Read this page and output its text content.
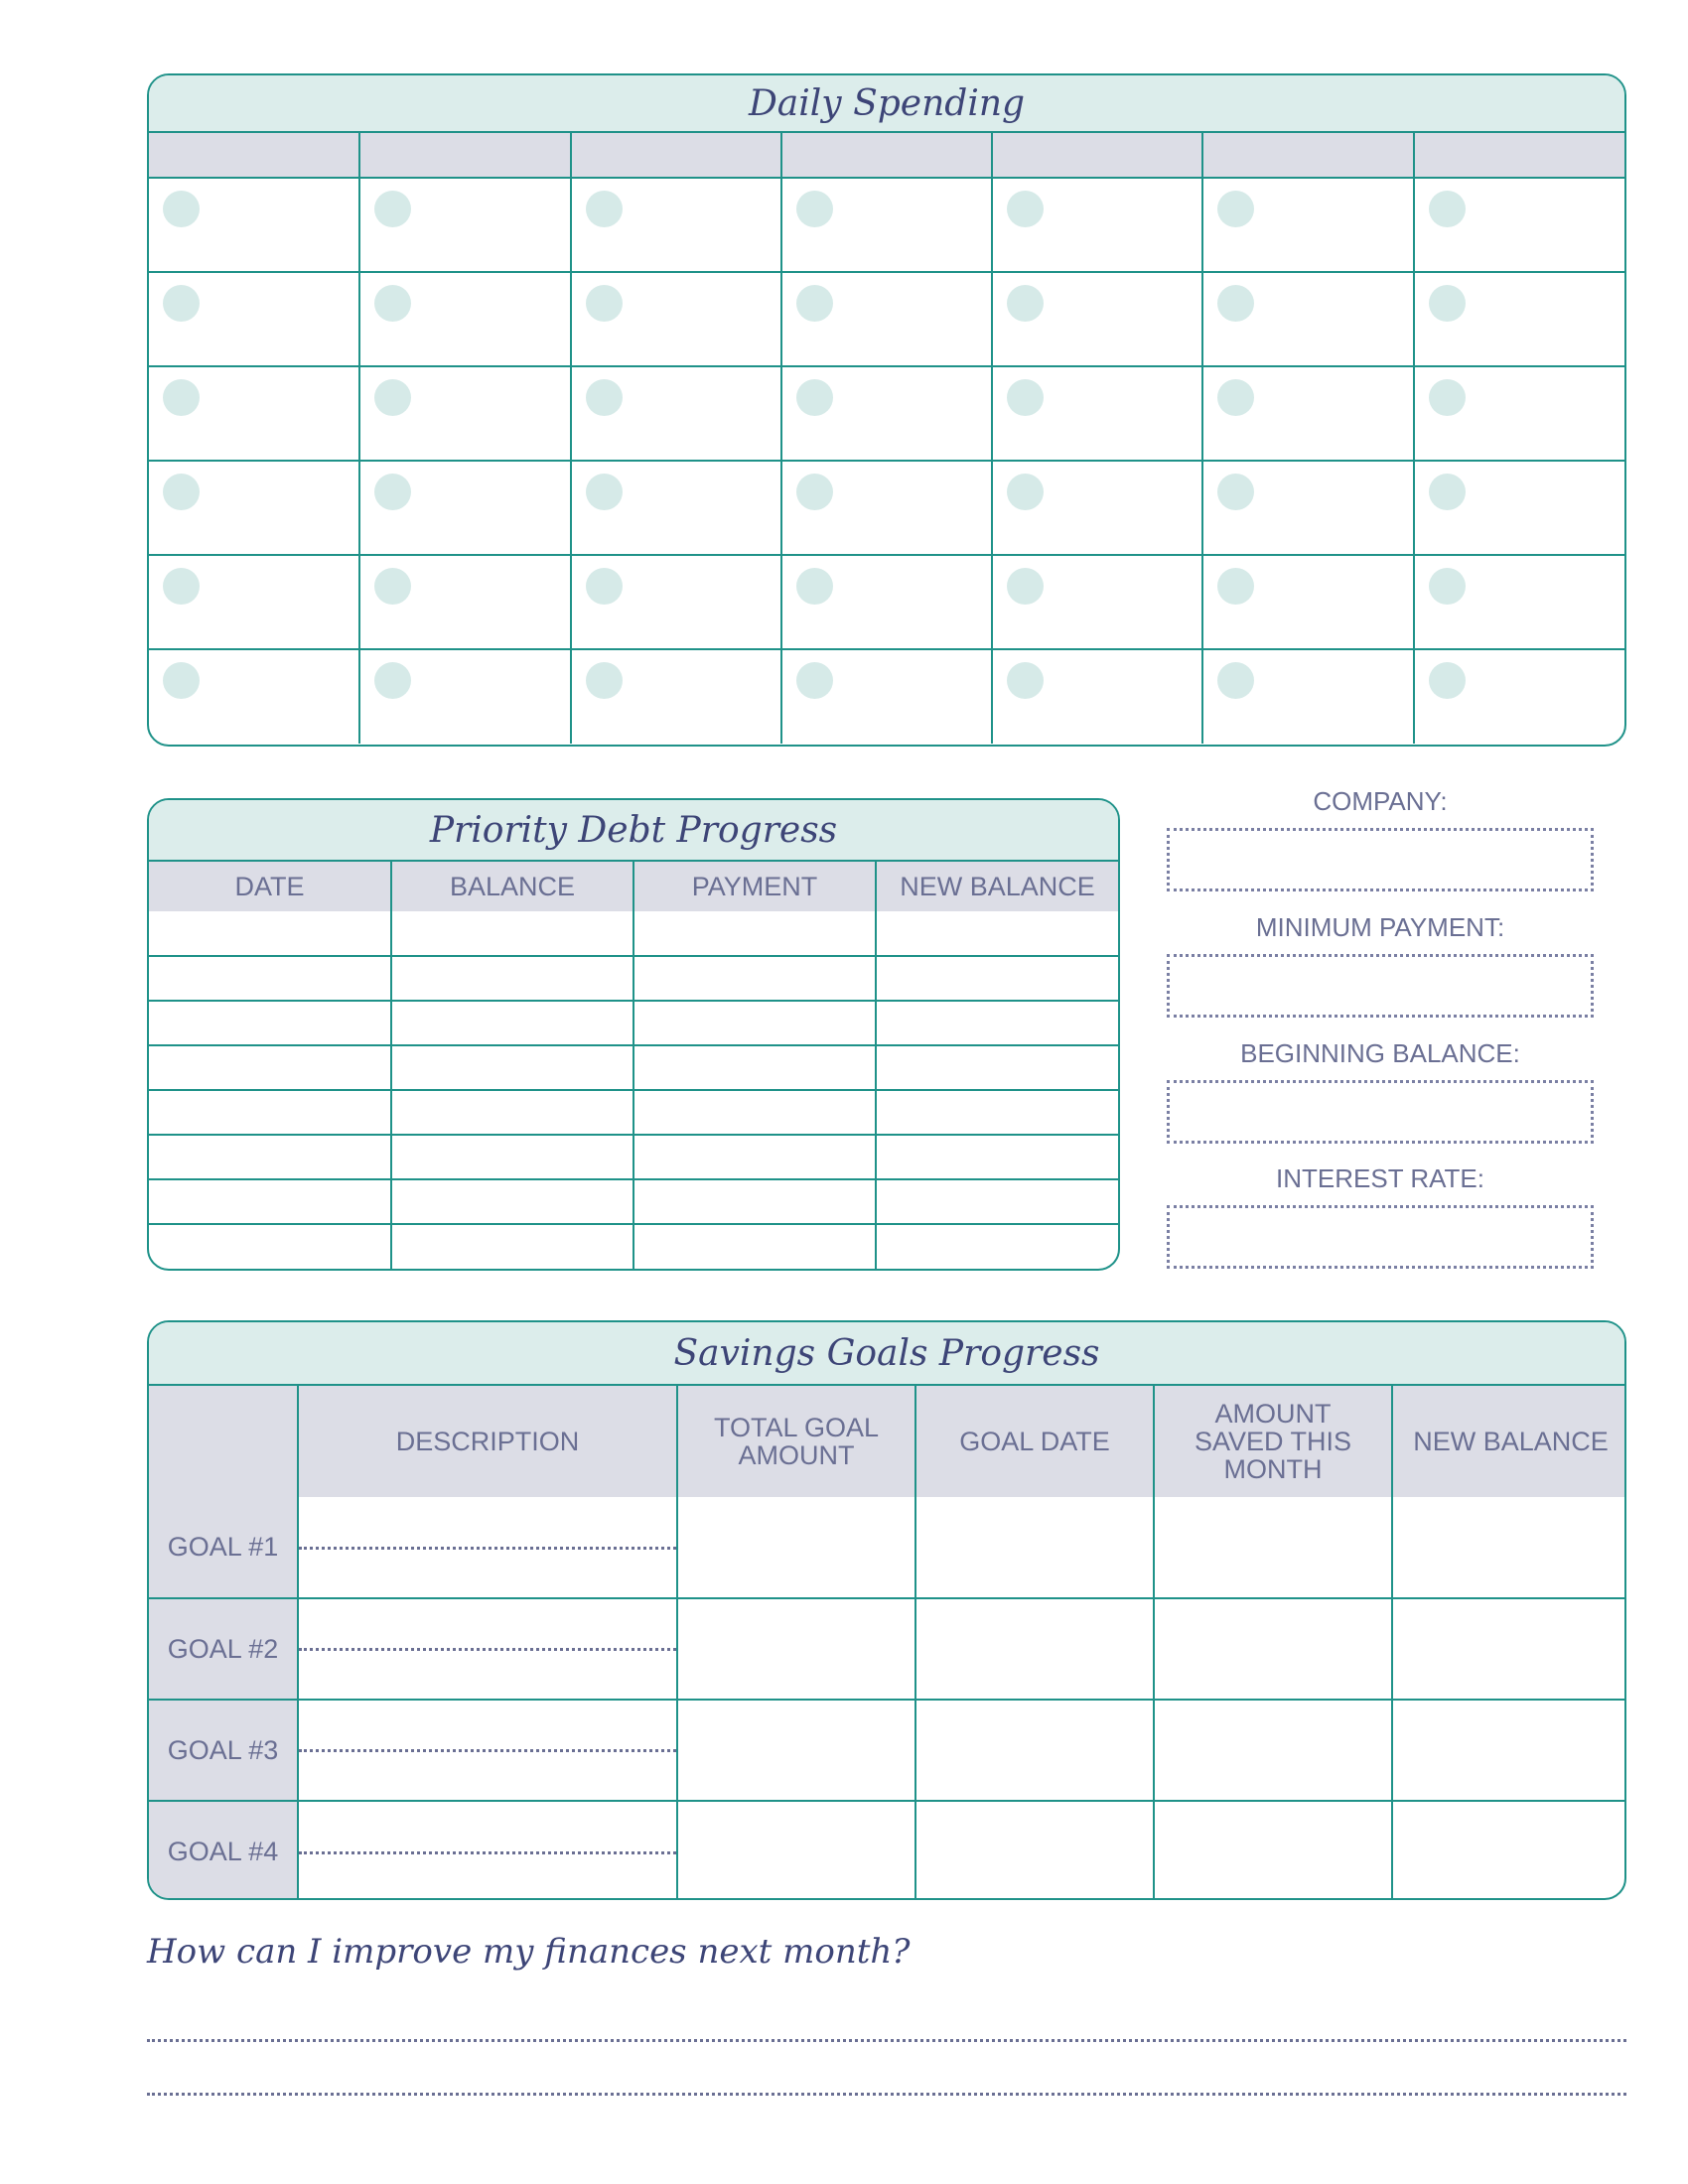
Daily Spending

Priority Debt Progress
DATE	BALANCE	PAYMENT	NEW BALANCE

COMPANY:
MINIMUM PAYMENT:
BEGINNING BALANCE:
INTEREST RATE:
Savings Goals Progress
	DESCRIPTION	TOTAL GOAL AMOUNT	GOAL DATE	AMOUNT SAVED THIS MONTH	NEW BALANCE
GOAL #1	

GOAL #2	

GOAL #3	

GOAL #4	

How can I improve my finances next month?
